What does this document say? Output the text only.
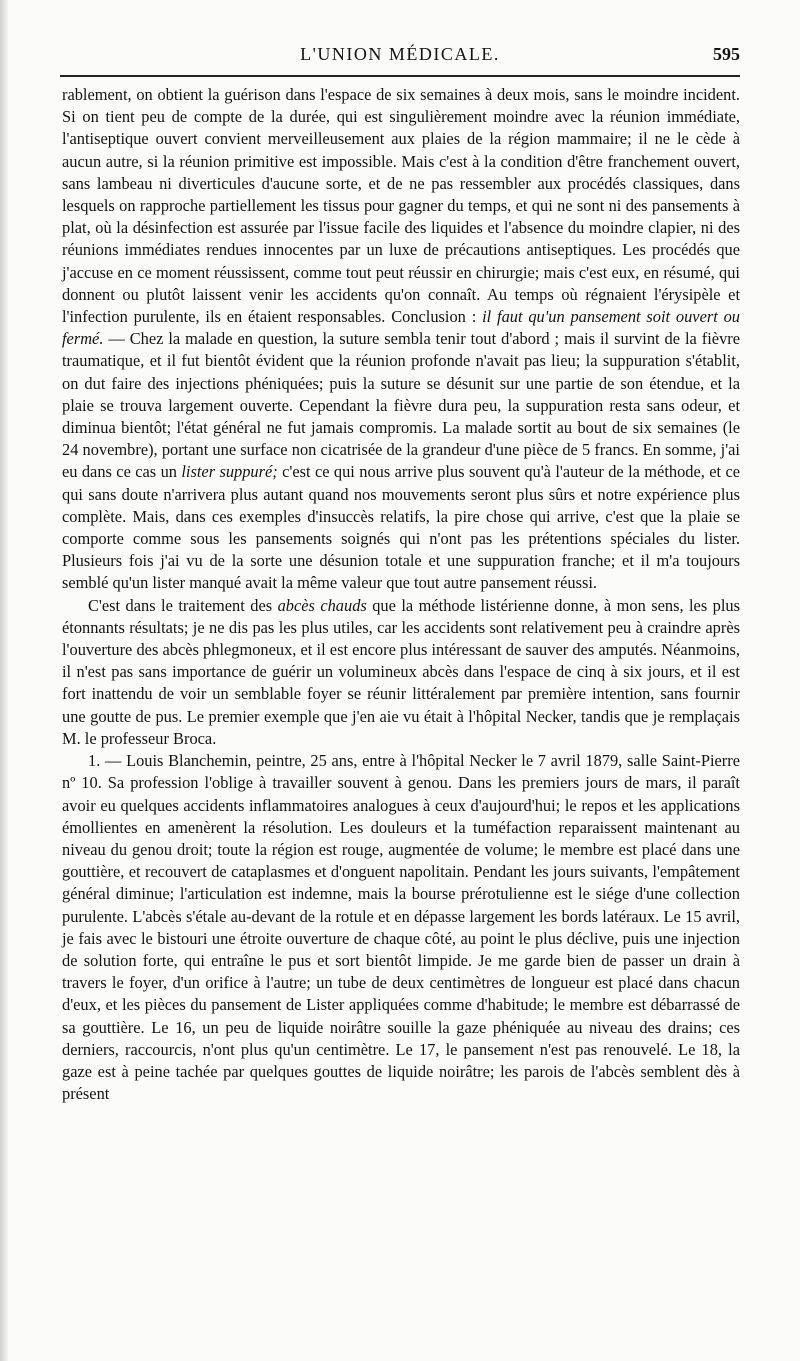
L'UNION MÉDICALE.	595

rablement, on obtient la guérison dans l'espace de six semaines à deux mois, sans le moindre incident. Si on tient peu de compte de la durée, qui est singulièrement moindre avec la réunion immédiate, l'antiseptique ouvert convient merveilleusement aux plaies de la région mammaire; il ne le cède à aucun autre, si la réunion primitive est impossible. Mais c'est à la condition d'être franchement ouvert, sans lambeau ni diverticules d'aucune sorte, et de ne pas ressembler aux procédés classiques, dans lesquels on rapproche partiellement les tissus pour gagner du temps, et qui ne sont ni des pansements à plat, où la désinfection est assurée par l'issue facile des liquides et l'absence du moindre clapier, ni des réunions immédiates rendues innocentes par un luxe de précautions antiseptiques. Les procédés que j'accuse en ce moment réussissent, comme tout peut réussir en chirurgie; mais c'est eux, en résumé, qui donnent ou plutôt laissent venir les accidents qu'on connaît. Au temps où régnaient l'érysipèle et l'infection purulente, ils en étaient responsables. Conclusion : il faut qu'un pansement soit ouvert ou fermé. — Chez la malade en question, la suture sembla tenir tout d'abord ; mais il survint de la fièvre traumatique, et il fut bientôt évident que la réunion profonde n'avait pas lieu; la suppuration s'établit, on dut faire des injections phéniquées; puis la suture se désunit sur une partie de son étendue, et la plaie se trouva largement ouverte. Cependant la fièvre dura peu, la suppuration resta sans odeur, et diminua bientôt; l'état général ne fut jamais compromis. La malade sortit au bout de six semaines (le 24 novembre), portant une surface non cicatrisée de la grandeur d'une pièce de 5 francs. En somme, j'ai eu dans ce cas un lister suppuré; c'est ce qui nous arrive plus souvent qu'à l'auteur de la méthode, et ce qui sans doute n'arrivera plus autant quand nos mouvements seront plus sûrs et notre expérience plus complète. Mais, dans ces exemples d'insuccès relatifs, la pire chose qui arrive, c'est que la plaie se comporte comme sous les pansements soignés qui n'ont pas les prétentions spéciales du lister. Plusieurs fois j'ai vu de la sorte une désunion totale et une suppuration franche; et il m'a toujours semblé qu'un lister manqué avait la même valeur que tout autre pansement réussi.

C'est dans le traitement des abcès chauds que la méthode listérienne donne, à mon sens, les plus étonnants résultats; je ne dis pas les plus utiles, car les accidents sont relativement peu à craindre après l'ouverture des abcès phlegmoneux, et il est encore plus intéressant de sauver des amputés. Néanmoins, il n'est pas sans importance de guérir un volumineux abcès dans l'espace de cinq à six jours, et il est fort inattendu de voir un semblable foyer se réunir littéralement par première intention, sans fournir une goutte de pus. Le premier exemple que j'en aie vu était à l'hôpital Necker, tandis que je remplaçais M. le professeur Broca.

1. — Louis Blanchemin, peintre, 25 ans, entre à l'hôpital Necker le 7 avril 1879, salle Saint-Pierre nº 10. Sa profession l'oblige à travailler souvent à genou. Dans les premiers jours de mars, il paraît avoir eu quelques accidents inflammatoires analogues à ceux d'aujourd'hui; le repos et les applications émollientes en amenèrent la résolution. Les douleurs et la tuméfaction reparaissent maintenant au niveau du genou droit; toute la région est rouge, augmentée de volume; le membre est placé dans une gouttière, et recouvert de cataplasmes et d'onguent napolitain. Pendant les jours suivants, l'empâtement général diminue; l'articulation est indemne, mais la bourse prérotulienne est le siége d'une collection purulente. L'abcès s'étale au-devant de la rotule et en dépasse largement les bords latéraux. Le 15 avril, je fais avec le bistouri une étroite ouverture de chaque côté, au point le plus déclive, puis une injection de solution forte, qui entraîne le pus et sort bientôt limpide. Je me garde bien de passer un drain à travers le foyer, d'un orifice à l'autre; un tube de deux centimètres de longueur est placé dans chacun d'eux, et les pièces du pansement de Lister appliquées comme d'habitude; le membre est débarrassé de sa gouttière. Le 16, un peu de liquide noirâtre souille la gaze phéniquée au niveau des drains; ces derniers, raccourcis, n'ont plus qu'un centimètre. Le 17, le pansement n'est pas renouvelé. Le 18, la gaze est à peine tachée par quelques gouttes de liquide noirâtre; les parois de l'abcès semblent dès à présent
